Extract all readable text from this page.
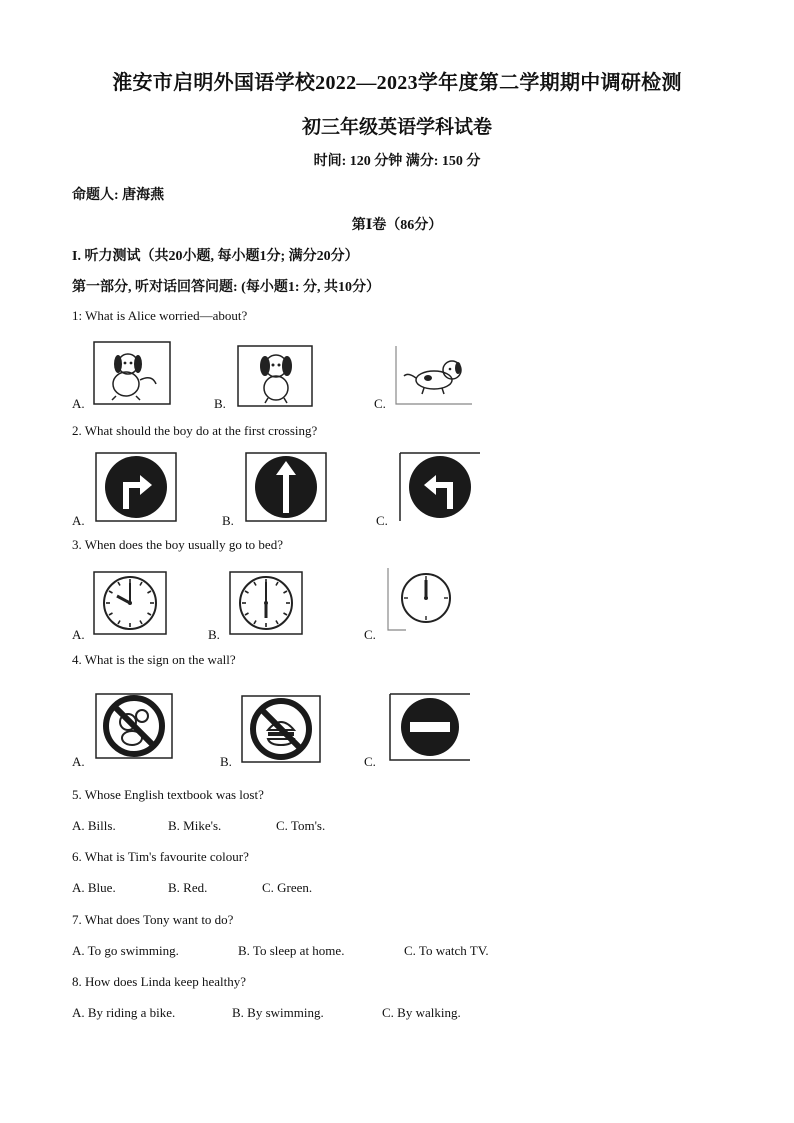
淮安市启明外国语学校2022—2023学年度第二学期期中调研检测
初三年级英语学科试卷
时间: 120 分钟 满分: 150 分
命题人: 唐海燕
第Ⅰ卷（86分）
I. 听力测试（共20小题, 每小题1分; 满分20分）
第一部分, 听对话回答问题: (每小题1: 分, 共10分）
1: What is Alice worried—about?
A.	B.	C.
2. What should the boy do at the first crossing?
A.	B.	C.
3. When does the boy usually go to bed?
A.	B.	C.
4. What is the sign on the wall?
A.	B.	C.
5. Whose English textbook was lost?
A. Bills.	B. Mike's.	C. Tom's.
6. What is Tim's favourite colour?
A. Blue.	B. Red.	C. Green.
7. What does Tony want to do?
A. To go swimming.	B. To sleep at home.	C. To watch TV.
8. How does Linda keep healthy?
A. By riding a bike.	B. By swimming.	C. By walking.
